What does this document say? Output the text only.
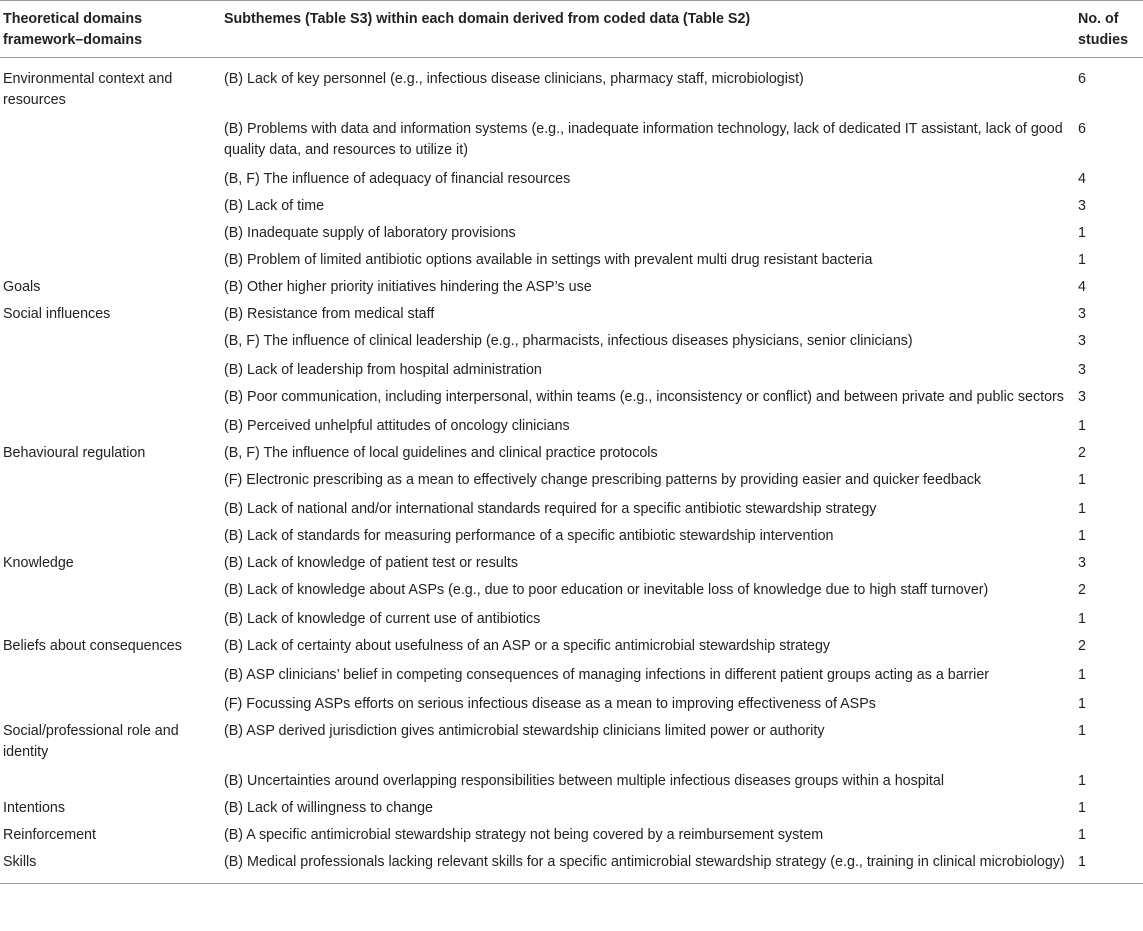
Theoretical domains framework–domains	Subthemes (Table S3) within each domain derived from coded data (Table S2)	No. of studies
Environmental context and resources	(B) Lack of key personnel (e.g., infectious disease clinicians, pharmacy staff, microbiologist)	6
	(B) Problems with data and information systems (e.g., inadequate information technology, lack of dedicated IT assistant, lack of good quality data, and resources to utilize it)	6
	(B, F) The influence of adequacy of financial resources	4
	(B) Lack of time	3
	(B) Inadequate supply of laboratory provisions	1
	(B) Problem of limited antibiotic options available in settings with prevalent multi drug resistant bacteria	1
Goals	(B) Other higher priority initiatives hindering the ASP’s use	4
Social influences	(B) Resistance from medical staff	3
	(B, F) The influence of clinical leadership (e.g., pharmacists, infectious diseases physicians, senior clinicians)	3
	(B) Lack of leadership from hospital administration	3
	(B) Poor communication, including interpersonal, within teams (e.g., inconsistency or conflict) and between private and public sectors	3
	(B) Perceived unhelpful attitudes of oncology clinicians	1
Behavioural regulation	(B, F) The influence of local guidelines and clinical practice protocols	2
	(F) Electronic prescribing as a mean to effectively change prescribing patterns by providing easier and quicker feedback	1
	(B) Lack of national and/or international standards required for a specific antibiotic stewardship strategy	1
	(B) Lack of standards for measuring performance of a specific antibiotic stewardship intervention	1
Knowledge	(B) Lack of knowledge of patient test or results	3
	(B) Lack of knowledge about ASPs (e.g., due to poor education or inevitable loss of knowledge due to high staff turnover)	2
	(B) Lack of knowledge of current use of antibiotics	1
Beliefs about consequences	(B) Lack of certainty about usefulness of an ASP or a specific antimicrobial stewardship strategy	2
	(B) ASP clinicians’ belief in competing consequences of managing infections in different patient groups acting as a barrier	1
	(F) Focussing ASPs efforts on serious infectious disease as a mean to improving effectiveness of ASPs	1
Social/professional role and identity	(B) ASP derived jurisdiction gives antimicrobial stewardship clinicians limited power or authority	1
	(B) Uncertainties around overlapping responsibilities between multiple infectious diseases groups within a hospital	1
Intentions	(B) Lack of willingness to change	1
Reinforcement	(B) A specific antimicrobial stewardship strategy not being covered by a reimbursement system	1
Skills	(B) Medical professionals lacking relevant skills for a specific antimicrobial stewardship strategy (e.g., training in clinical microbiology)	1
